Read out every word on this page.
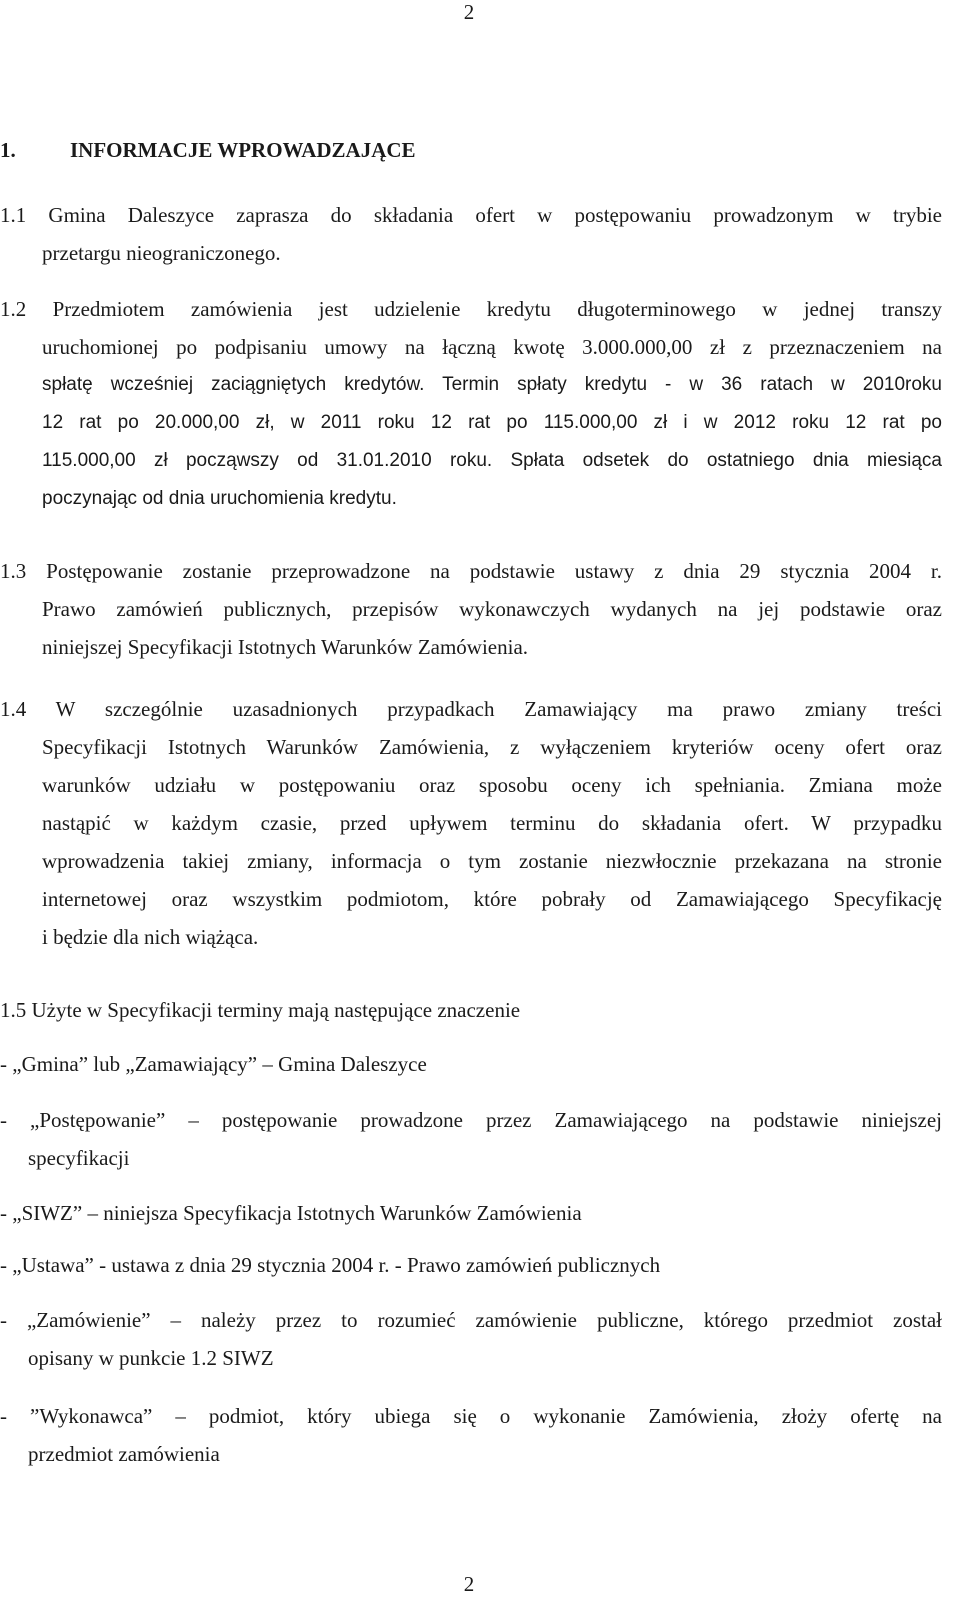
2
1.	INFORMACJE WPROWADZAJĄCE
1.1 Gmina Daleszyce zaprasza do składania ofert w postępowaniu prowadzonym w trybie
przetargu nieograniczonego.
1.2 Przedmiotem zamówienia jest udzielenie kredytu długoterminowego w jednej transzy
uruchomionej po podpisaniu umowy na łączną kwotę 3.000.000,00 zł z przeznaczeniem na
spłatę wcześniej zaciągniętych kredytów. Termin spłaty kredytu - w 36 ratach w 2010roku
12 rat po 20.000,00 zł, w 2011 roku 12 rat po 115.000,00 zł i w 2012 roku 12 rat po
115.000,00 zł począwszy od 31.01.2010 roku. Spłata odsetek do ostatniego dnia miesiąca
poczynając od dnia uruchomienia kredytu.
1.3 Postępowanie zostanie przeprowadzone na podstawie ustawy z dnia 29 stycznia 2004 r.
Prawo zamówień publicznych, przepisów wykonawczych wydanych na jej podstawie oraz
niniejszej Specyfikacji Istotnych Warunków Zamówienia.
1.4 W szczególnie uzasadnionych przypadkach Zamawiający ma prawo zmiany treści
Specyfikacji Istotnych Warunków Zamówienia, z wyłączeniem kryteriów oceny ofert oraz
warunków udziału w postępowaniu oraz sposobu oceny ich spełniania. Zmiana może
nastąpić w każdym czasie, przed upływem terminu do składania ofert. W przypadku
wprowadzenia takiej zmiany, informacja o tym zostanie niezwłocznie przekazana na stronie
internetowej oraz wszystkim podmiotom, które pobrały od Zamawiającego Specyfikację
i będzie dla nich wiążąca.
1.5 Użyte w Specyfikacji terminy mają następujące znaczenie
- „Gmina” lub „Zamawiający” – Gmina Daleszyce
- „Postępowanie” – postępowanie prowadzone przez Zamawiającego na podstawie niniejszej
specyfikacji
- „SIWZ” – niniejsza Specyfikacja Istotnych Warunków Zamówienia
- „Ustawa” - ustawa z dnia 29 stycznia 2004 r. - Prawo zamówień publicznych
- „Zamówienie” – należy przez to rozumieć zamówienie publiczne, którego przedmiot został
opisany w punkcie 1.2 SIWZ
- ”Wykonawca” – podmiot, który ubiega się o wykonanie Zamówienia, złoży ofertę na
przedmiot zamówienia
2
